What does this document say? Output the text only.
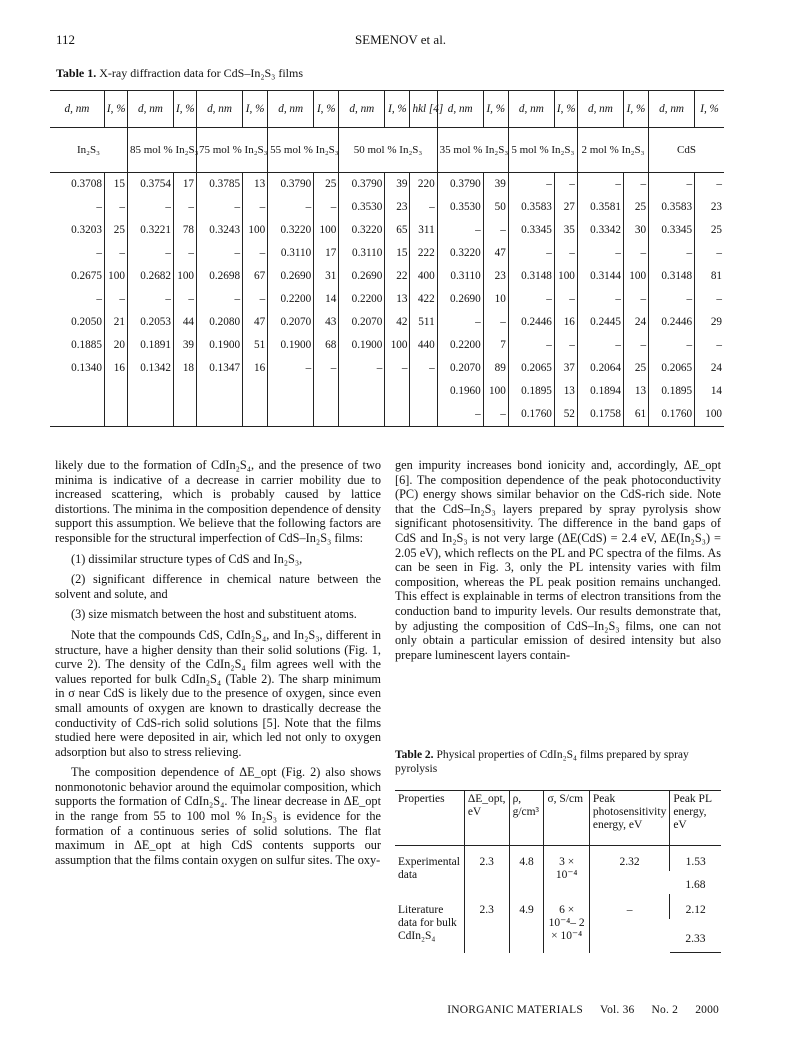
112	SEMENOV et al.
Table 1. X-ray diffraction data for CdS–In₂S₃ films
d, nm	I, %	d, nm	I, %	d, nm	I, %	d, nm	I, %	d, nm	I, %	hkl [4]	d, nm	I, %	d, nm	I, %	d, nm	I, %	d, nm	I, %
In₂S₃		85 mol % In₂S₃		75 mol % In₂S₃		55 mol % In₂S₃		50 mol % In₂S₃			35 mol % In₂S₃		5 mol % In₂S₃		2 mol % In₂S₃		CdS	
0.3708	15	0.3754	17	0.3785	13	0.3790	25	0.3790	39	220	0.3790	39	–	–	–	–	–	–
–	–	–	–	–	–	–	–	0.3530	23	–	0.3530	50	0.3583	27	0.3581	25	0.3583	23
0.3203	25	0.3221	78	0.3243	100	0.3220	100	0.3220	65	311	–	–	0.3345	35	0.3342	30	0.3345	25
–	–	–	–	–	–	0.3110	17	0.3110	15	222	0.3220	47	–	–	–	–	–	–
0.2675	100	0.2682	100	0.2698	67	0.2690	31	0.2690	22	400	0.3110	23	0.3148	100	0.3144	100	0.3148	81
–	–	–	–	–	–	0.2200	14	0.2200	13	422	0.2690	10	–	–	–	–	–	–
0.2050	21	0.2053	44	0.2080	47	0.2070	43	0.2070	42	511	–	–	0.2446	16	0.2445	24	0.2446	29
0.1885	20	0.1891	39	0.1900	51	0.1900	68	0.1900	100	440	0.2200	7	–	–	–	–	–	–
0.1340	16	0.1342	18	0.1347	16	–	–	–	–	–	0.2070	89	0.2065	37	0.2064	25	0.2065	24
											0.1960	100	0.1895	13	0.1894	13	0.1895	14
											–	–	0.1760	52	0.1758	61	0.1760	100

likely due to the formation of CdIn₂S₄, and the presence of two minima is indicative of a decrease in carrier mobility due to increased scattering, which is probably caused by lattice distortions. The minima in the composition dependence of density support this assumption. We believe that the following factors are responsible for the structural imperfection of CdS–In₂S₃ films:

(1) dissimilar structure types of CdS and In₂S₃,

(2) significant difference in chemical nature between the solvent and solute, and

(3) size mismatch between the host and substituent atoms.

Note that the compounds CdS, CdIn₂S₄, and In₂S₃, different in structure, have a higher density than their solid solutions (Fig. 1, curve 2). The density of the CdIn₂S₄ film agrees well with the values reported for bulk CdIn₂S₄ (Table 2). The sharp minimum in σ near CdS is likely due to the presence of oxygen, since even small amounts of oxygen are known to drastically decrease the conductivity of CdS-rich solid solutions [5]. Note that the films studied here were deposited in air, which led not only to oxygen adsorption but also to stress relieving.

The composition dependence of ΔE_opt (Fig. 2) also shows nonmonotonic behavior around the equimolar composition, which supports the formation of CdIn₂S₄. The linear decrease in ΔE_opt in the range from 55 to 100 mol % In₂S₃ is evidence for the formation of a continuous series of solid solutions. The flat maximum in ΔE_opt at high CdS contents supports our assumption that the films contain oxygen on sulfur sites. The oxy-

gen impurity increases bond ionicity and, accordingly, ΔE_opt [6]. The composition dependence of the peak photoconductivity (PC) energy shows similar behavior on the CdS-rich side. Note that the CdS–In₂S₃ layers prepared by spray pyrolysis show significant photosensitivity. The difference in the band gaps of CdS and In₂S₃ is not very large (ΔE(CdS) = 2.4 eV, ΔE(In₂S₃) = 2.05 eV), which reflects on the PL and PC spectra of the films. As can be seen in Fig. 3, only the PL intensity varies with film composition, whereas the PL peak position remains unchanged. This effect is explainable in terms of electron transitions from the conduction band to impurity levels. Our results demonstrate that, by adjusting the composition of CdS–In₂S₃ films, one can not only obtain a particular emission of desired intensity but also prepare luminescent layers contain-

Table 2. Physical properties of CdIn₂S₄ films prepared by spray pyrolysis
Properties	ΔE_opt, eV	ρ, g/cm³	σ, S/cm	Peak photosensitivity energy, eV	Peak PL energy, eV
Experimental data	2.3	4.8	3 × 10⁻⁴	2.32	1.53
					1.68
Literature data for bulk CdIn₂S₄	2.3	4.9	6 × 10⁻⁴– 2 × 10⁻⁴	–	2.12
					2.33
INORGANIC MATERIALS Vol. 36 No. 2 2000
